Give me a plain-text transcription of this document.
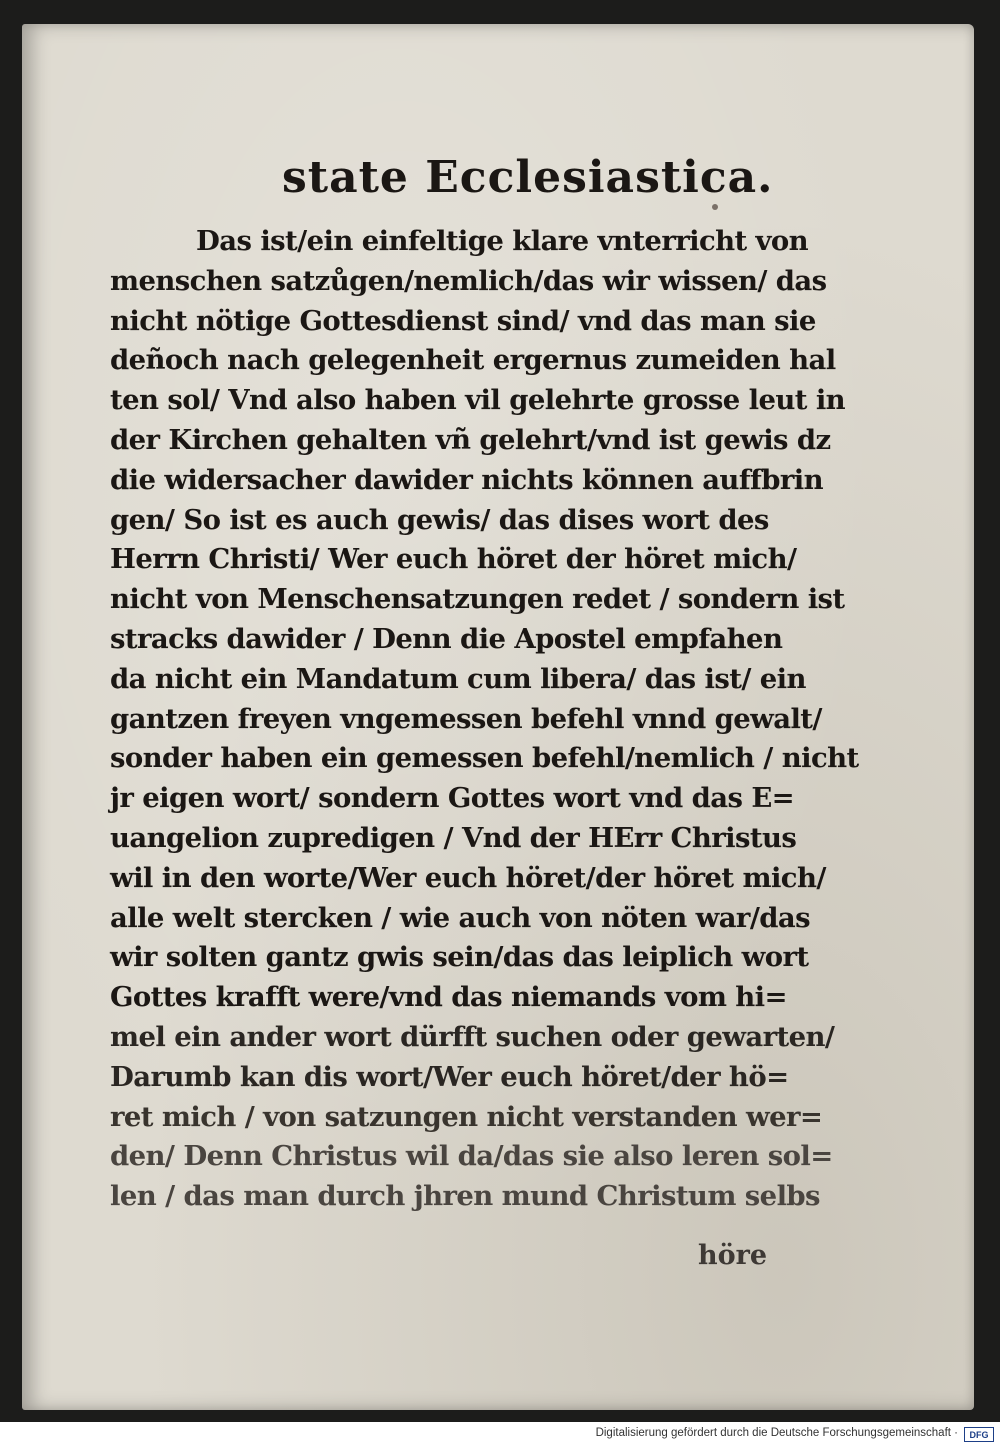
state Ecclesiastica.
Das ist/ein einfeltige klare vnterricht von
menschen satzůgen/nemlich/das wir wissen/ das
nicht nötige Gottesdienst sind/ vnd das man sie
deñoch nach gelegenheit ergernus zumeiden hal
ten sol/ Vnd also haben vil gelehrte grosse leut in
der Kirchen gehalten vñ gelehrt/vnd ist gewis dz
die widersacher dawider nichts können auffbrin
gen/ So ist es auch gewis/ das dises wort des
Herrn Christi/ Wer euch höret der höret mich/
nicht von Menschensatzungen redet / sondern ist
stracks dawider / Denn die Apostel empfahen
da nicht ein Mandatum cum libera/ das ist/ ein
gantzen freyen vngemessen befehl vnnd gewalt/
sonder haben ein gemessen befehl/nemlich / nicht
jr eigen wort/ sondern Gottes wort vnd das E=
uangelion zupredigen / Vnd der HErr Christus
wil in den worte/Wer euch höret/der höret mich/
alle welt stercken / wie auch von nöten war/das
wir solten gantz gwis sein/das das leiplich wort
Gottes krafft were/vnd das niemands vom hi=
mel ein ander wort dürfft suchen oder gewarten/
Darumb kan dis wort/Wer euch höret/der hö=
ret mich / von satzungen nicht verstanden wer=
den/ Denn Christus wil da/das sie also leren sol=
len / das man durch jhren mund Christum selbs
höre
Digitalisierung gefördert durch die Deutsche Forschungsgemeinschaft ·	DFG
